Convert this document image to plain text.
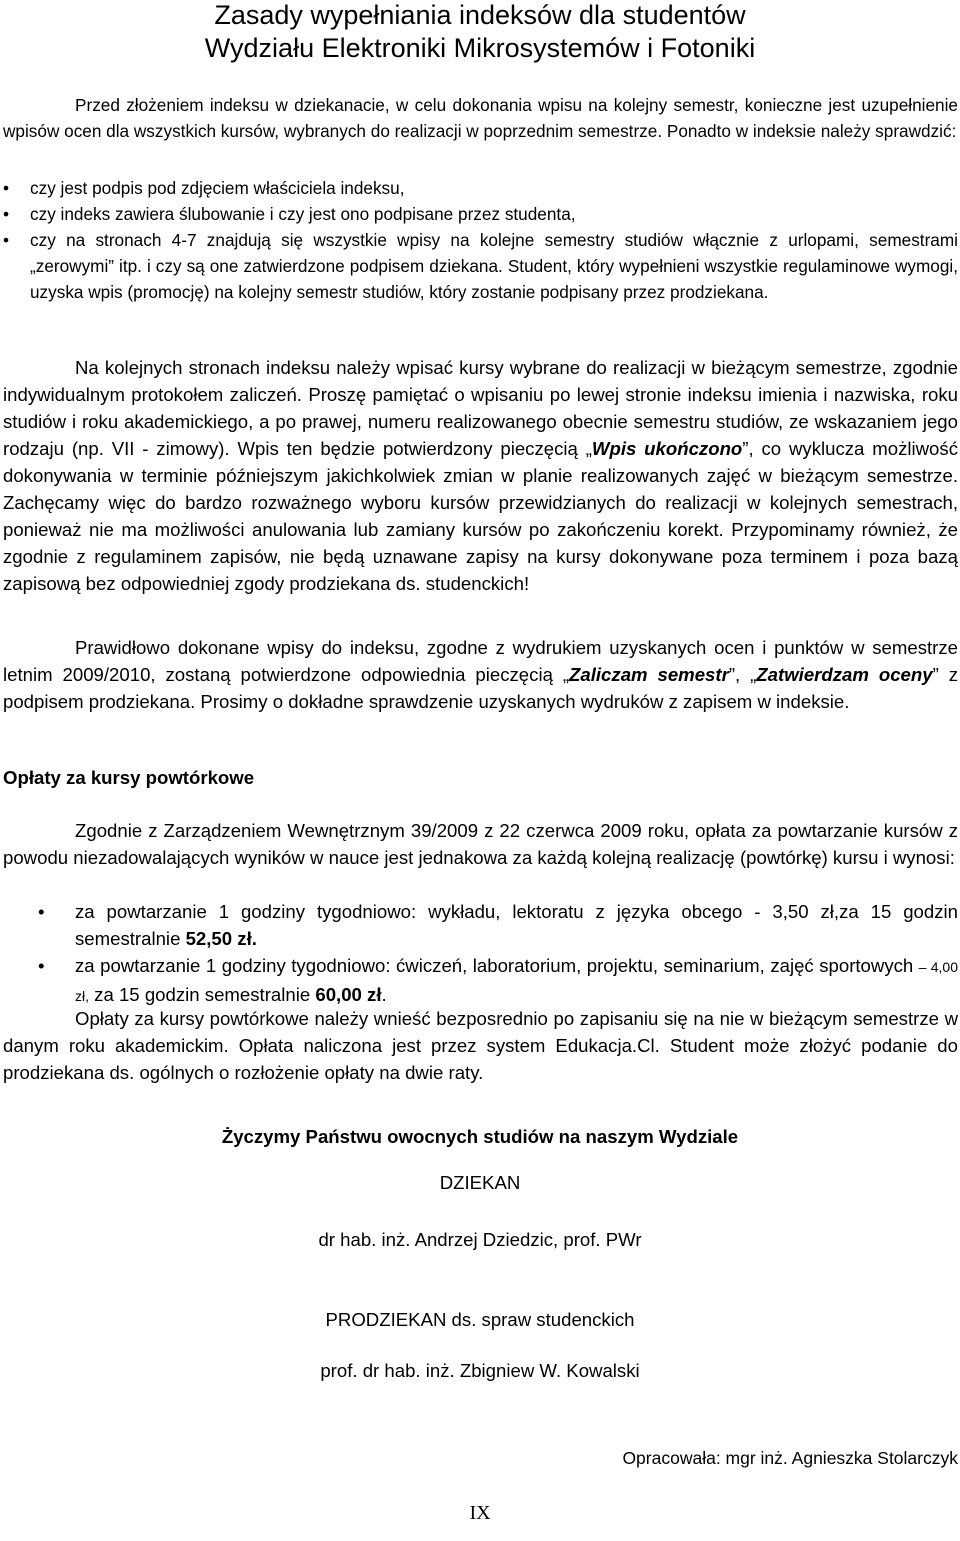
Zasady wypełniania indeksów dla studentów
Wydziału Elektroniki Mikrosystemów i Fotoniki

Przed złożeniem indeksu w dziekanacie, w celu dokonania wpisu na kolejny semestr, konieczne jest uzupełnienie wpisów ocen dla wszystkich kursów, wybranych do realizacji w poprzednim semestrze. Ponadto w indeksie należy sprawdzić:

• czy jest podpis pod zdjęciem właściciela indeksu,
• czy indeks zawiera ślubowanie i czy jest ono podpisane przez studenta,
• czy na stronach 4-7 znajdują się wszystkie wpisy na kolejne semestry studiów włącznie z urlopami, semestrami „zerowymi” itp. i czy są one zatwierdzone podpisem dziekana. Student, który wypełnieni wszystkie regulaminowe wymogi, uzyska wpis (promocję) na kolejny semestr studiów, który zostanie podpisany przez prodziekana.

Na kolejnych stronach indeksu należy wpisać kursy wybrane do realizacji w bieżącym semestrze, zgodnie indywidualnym protokołem zaliczeń. Proszę pamiętać o wpisaniu po lewej stronie indeksu imienia i nazwiska, roku studiów i roku akademickiego, a po prawej, numeru realizowanego obecnie semestru studiów, ze wskazaniem jego rodzaju (np. VII - zimowy). Wpis ten będzie potwierdzony pieczęcią „Wpis ukończono”, co wyklucza możliwość dokonywania w terminie późniejszym jakichkolwiek zmian w planie realizowanych zajęć w bieżącym semestrze. Zachęcamy więc do bardzo rozważnego wyboru kursów przewidzianych do realizacji w kolejnych semestrach, ponieważ nie ma możliwości anulowania lub zamiany kursów po zakończeniu korekt. Przypominamy również, że zgodnie z regulaminem zapisów, nie będą uznawane zapisy na kursy dokonywane poza terminem i poza bazą zapisową bez odpowiedniej zgody prodziekana ds. studenckich!

Prawidłowo dokonane wpisy do indeksu, zgodne z wydrukiem uzyskanych ocen i punktów w semestrze letnim 2009/2010, zostaną potwierdzone odpowiednia pieczęcią „Zaliczam semestr”, „Zatwierdzam oceny” z podpisem prodziekana. Prosimy o dokładne sprawdzenie uzyskanych wydruków z zapisem w indeksie.

Opłaty za kursy powtórkowe

Zgodnie z Zarządzeniem Wewnętrznym 39/2009 z 22 czerwca 2009 roku, opłata za powtarzanie kursów z powodu niezadowalających wyników w nauce jest jednakowa za każdą kolejną realizację (powtórkę) kursu i wynosi:

• za powtarzanie 1 godziny tygodniowo: wykładu, lektoratu z języka obcego - 3,50 zł,za 15 godzin semestralnie 52,50 zł.
• za powtarzanie 1 godziny tygodniowo: ćwiczeń, laboratorium, projektu, seminarium, zajęć sportowych – 4,00 zł, za 15 godzin semestralnie 60,00 zł.

Opłaty za kursy powtórkowe należy wnieść bezposrednio po zapisaniu się na nie w bieżącym semestrze w danym roku akademickim. Opłata naliczona jest przez system Edukacja.Cl. Student może złożyć podanie do prodziekana ds. ogólnych o rozłożenie opłaty na dwie raty.

Życzymy Państwu owocnych studiów na naszym Wydziale

DZIEKAN

dr hab. inż. Andrzej Dziedzic, prof. PWr

PRODZIEKAN ds. spraw studenckich

prof. dr hab. inż. Zbigniew W. Kowalski

Opracowała: mgr inż. Agnieszka Stolarczyk

IX
